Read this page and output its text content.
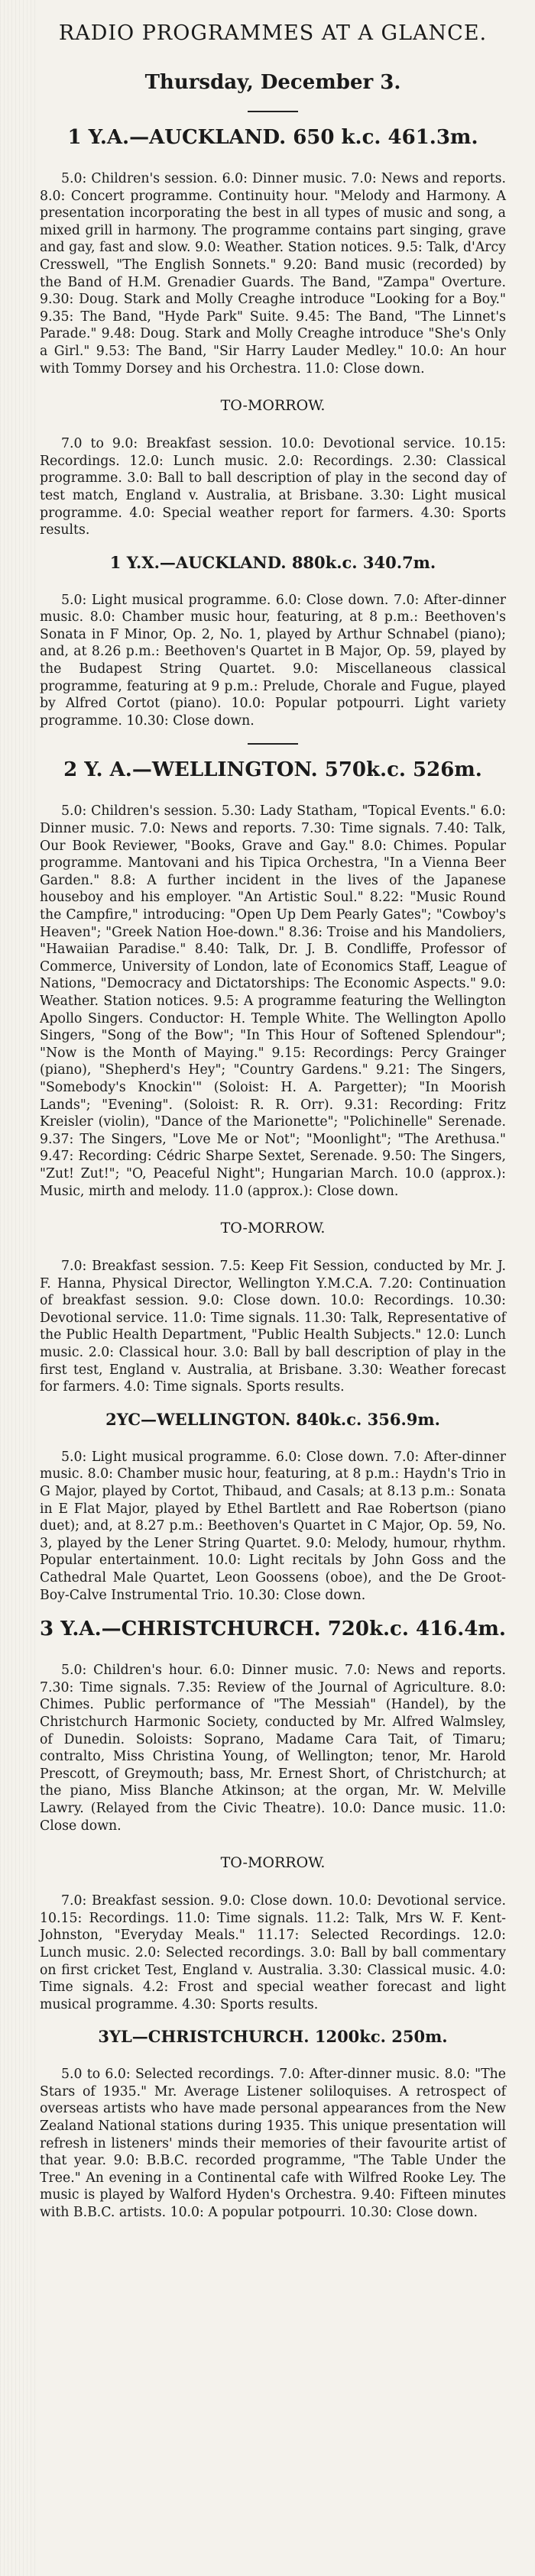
RADIO PROGRAMMES AT A GLANCE.
Thursday, December 3.
1 Y.A.—AUCKLAND. 650 k.c. 461.3m.

5.0: Children's session. 6.0: Dinner music. 7.0: News and reports. 8.0: Concert programme. Continuity hour. "Melody and Harmony. A presentation incorporating the best in all types of music and song, a mixed grill in harmony. The programme contains part singing, grave and gay, fast and slow. 9.0: Weather. Station notices. 9.5: Talk, d'Arcy Cresswell, "The English Sonnets." 9.20: Band music (recorded) by the Band of H.M. Grenadier Guards. The Band, "Zampa" Overture. 9.30: Doug. Stark and Molly Creaghe introduce "Looking for a Boy." 9.35: The Band, "Hyde Park" Suite. 9.45: The Band, "The Linnet's Parade." 9.48: Doug. Stark and Molly Creaghe introduce "She's Only a Girl." 9.53: The Band, "Sir Harry Lauder Medley." 10.0: An hour with Tommy Dorsey and his Orchestra. 11.0: Close down.

TO-MORROW.

7.0 to 9.0: Breakfast session. 10.0: Devotional service. 10.15: Recordings. 12.0: Lunch music. 2.0: Recordings. 2.30: Classical programme. 3.0: Ball to ball description of play in the second day of test match, England v. Australia, at Brisbane. 3.30: Light musical programme. 4.0: Special weather report for farmers. 4.30: Sports results.

1 Y.X.—AUCKLAND. 880k.c. 340.7m.

5.0: Light musical programme. 6.0: Close down. 7.0: After-dinner music. 8.0: Chamber music hour, featuring, at 8 p.m.: Beethoven's Sonata in F Minor, Op. 2, No. 1, played by Arthur Schnabel (piano); and, at 8.26 p.m.: Beethoven's Quartet in B Major, Op. 59, played by the Budapest String Quartet. 9.0: Miscellaneous classical programme, featuring at 9 p.m.: Prelude, Chorale and Fugue, played by Alfred Cortot (piano). 10.0: Popular potpourri. Light variety programme. 10.30: Close down.

2 Y. A.—WELLINGTON. 570k.c. 526m.

5.0: Children's session. 5.30: Lady Statham, "Topical Events." 6.0: Dinner music. 7.0: News and reports. 7.30: Time signals. 7.40: Talk, Our Book Reviewer, "Books, Grave and Gay." 8.0: Chimes. Popular programme. Mantovani and his Tipica Orchestra, "In a Vienna Beer Garden." 8.8: A further incident in the lives of the Japanese houseboy and his employer. "An Artistic Soul." 8.22: "Music Round the Campfire," introducing: "Open Up Dem Pearly Gates"; "Cowboy's Heaven"; "Greek Nation Hoe-down." 8.36: Troise and his Mandoliers, "Hawaiian Paradise." 8.40: Talk, Dr. J. B. Condliffe, Professor of Commerce, University of London, late of Economics Staff, League of Nations, "Democracy and Dictatorships: The Economic Aspects." 9.0: Weather. Station notices. 9.5: A programme featuring the Wellington Apollo Singers. Conductor: H. Temple White. The Wellington Apollo Singers, "Song of the Bow"; "In This Hour of Softened Splendour"; "Now is the Month of Maying." 9.15: Recordings: Percy Grainger (piano), "Shepherd's Hey"; "Country Gardens." 9.21: The Singers, "Somebody's Knockin'" (Soloist: H. A. Pargetter); "In Moorish Lands"; "Evening". (Soloist: R. R. Orr). 9.31: Recording: Fritz Kreisler (violin), "Dance of the Marionette"; "Polichinelle" Serenade. 9.37: The Singers, "Love Me or Not"; "Moonlight"; "The Arethusa." 9.47: Recording: Cédric Sharpe Sextet, Serenade. 9.50: The Singers, "Zut! Zut!"; "O, Peaceful Night"; Hungarian March. 10.0 (approx.): Music, mirth and melody. 11.0 (approx.): Close down.

TO-MORROW.

7.0: Breakfast session. 7.5: Keep Fit Session, conducted by Mr. J. F. Hanna, Physical Director, Wellington Y.M.C.A. 7.20: Continuation of breakfast session. 9.0: Close down. 10.0: Recordings. 10.30: Devotional service. 11.0: Time signals. 11.30: Talk, Representative of the Public Health Department, "Public Health Subjects." 12.0: Lunch music. 2.0: Classical hour. 3.0: Ball by ball description of play in the first test, England v. Australia, at Brisbane. 3.30: Weather forecast for farmers. 4.0: Time signals. Sports results.

2YC—WELLINGTON. 840k.c. 356.9m.

5.0: Light musical programme. 6.0: Close down. 7.0: After-dinner music. 8.0: Chamber music hour, featuring, at 8 p.m.: Haydn's Trio in G Major, played by Cortot, Thibaud, and Casals; at 8.13 p.m.: Sonata in E Flat Major, played by Ethel Bartlett and Rae Robertson (piano duet); and, at 8.27 p.m.: Beethoven's Quartet in C Major, Op. 59, No. 3, played by the Lener String Quartet. 9.0: Melody, humour, rhythm. Popular entertainment. 10.0: Light recitals by John Goss and the Cathedral Male Quartet, Leon Goossens (oboe), and the De Groot-Boy-Calve Instrumental Trio. 10.30: Close down.

3 Y.A.—CHRISTCHURCH. 720k.c. 416.4m.

5.0: Children's hour. 6.0: Dinner music. 7.0: News and reports. 7.30: Time signals. 7.35: Review of the Journal of Agriculture. 8.0: Chimes. Public performance of "The Messiah" (Handel), by the Christchurch Harmonic Society, conducted by Mr. Alfred Walmsley, of Dunedin. Soloists: Soprano, Madame Cara Tait, of Timaru; contralto, Miss Christina Young, of Wellington; tenor, Mr. Harold Prescott, of Greymouth; bass, Mr. Ernest Short, of Christchurch; at the piano, Miss Blanche Atkinson; at the organ, Mr. W. Melville Lawry. (Relayed from the Civic Theatre). 10.0: Dance music. 11.0: Close down.

TO-MORROW.

7.0: Breakfast session. 9.0: Close down. 10.0: Devotional service. 10.15: Recordings. 11.0: Time signals. 11.2: Talk, Mrs W. F. Kent-Johnston, "Everyday Meals." 11.17: Selected Recordings. 12.0: Lunch music. 2.0: Selected recordings. 3.0: Ball by ball commentary on first cricket Test, England v. Australia. 3.30: Classical music. 4.0: Time signals. 4.2: Frost and special weather forecast and light musical programme. 4.30: Sports results.

3YL—CHRISTCHURCH. 1200kc. 250m.

5.0 to 6.0: Selected recordings. 7.0: After-dinner music. 8.0: "The Stars of 1935." Mr. Average Listener soliloquises. A retrospect of overseas artists who have made personal appearances from the New Zealand National stations during 1935. This unique presentation will refresh in listeners' minds their memories of their favourite artist of that year. 9.0: B.B.C. recorded programme, "The Table Under the Tree." An evening in a Continental cafe with Wilfred Rooke Ley. The music is played by Walford Hyden's Orchestra. 9.40: Fifteen minutes with B.B.C. artists. 10.0: A popular potpourri. 10.30: Close down.
